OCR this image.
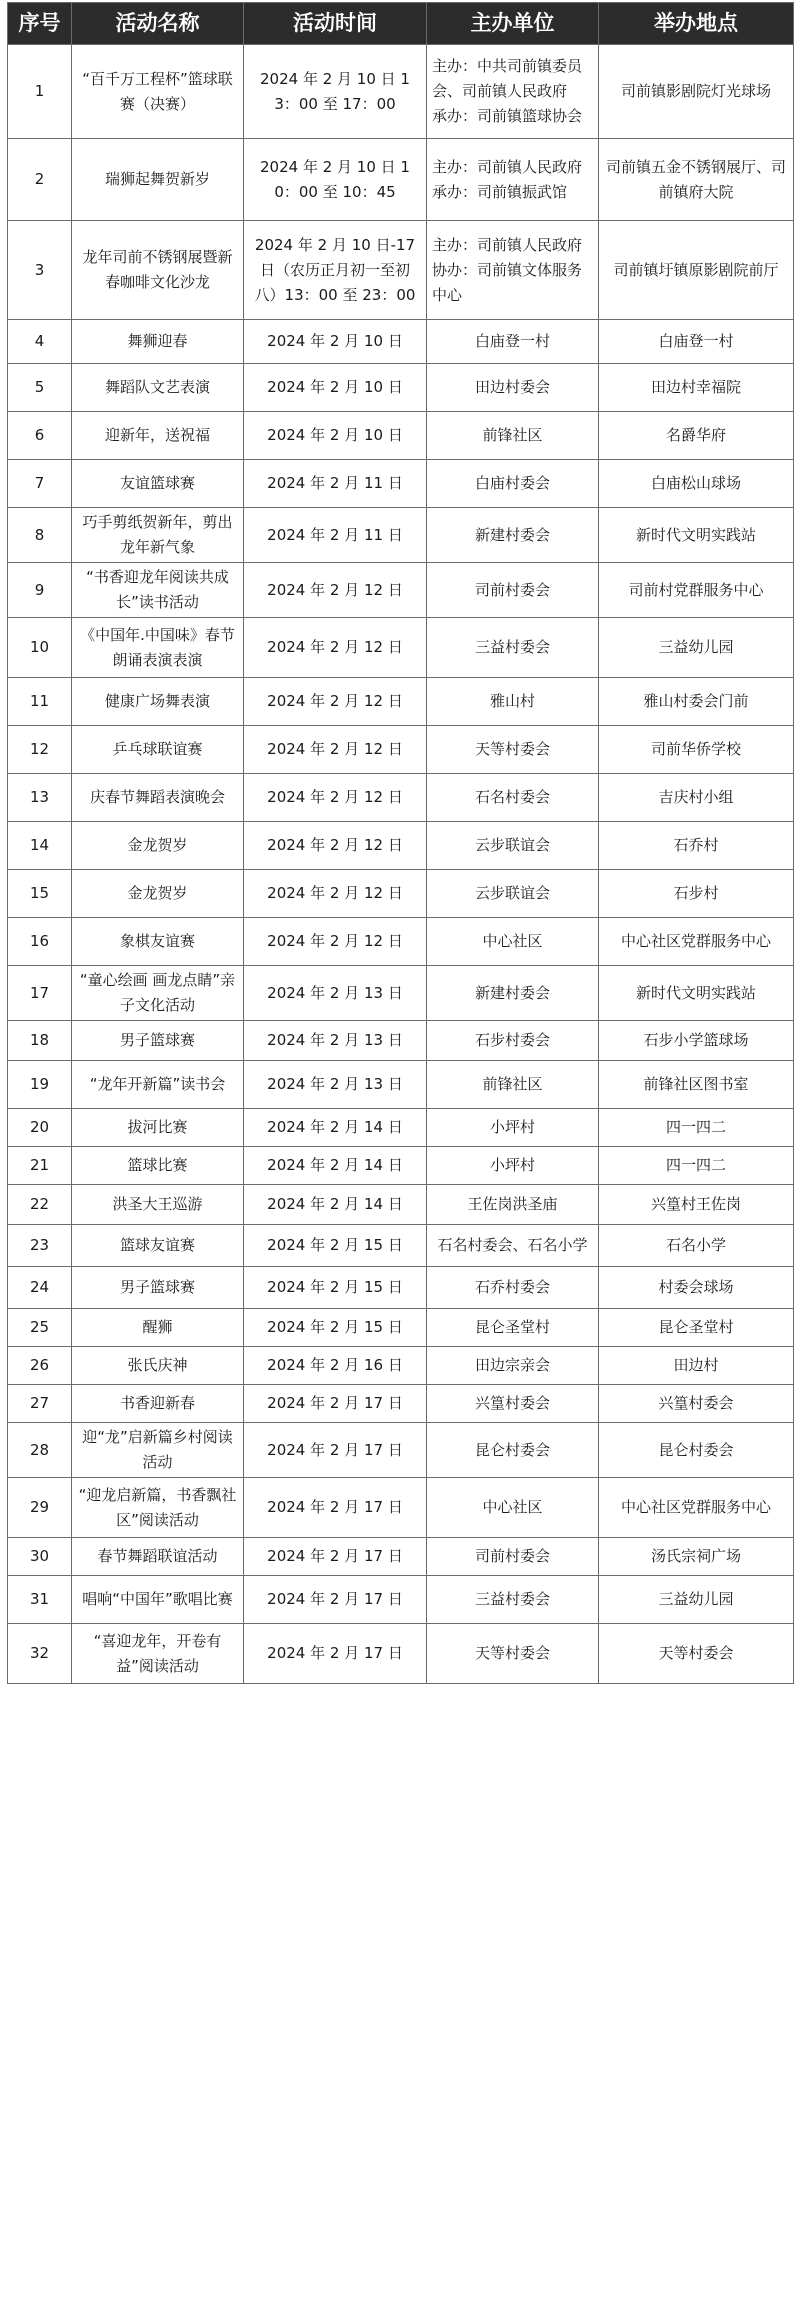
序号	活动名称	活动时间	主办单位	举办地点
1	“百千万工程杯”篮球联赛（决赛）	2024 年 2 月 10 日 13：00 至 17：00	主办：中共司前镇委员会、司前镇人民政府
承办：司前镇篮球协会	司前镇影剧院灯光球场
2	瑞狮起舞贺新岁	2024 年 2 月 10 日 10：00 至 10：45	主办：司前镇人民政府
承办：司前镇振武馆	司前镇五金不锈钢展厅、司前镇府大院
3	龙年司前不锈钢展暨新春咖啡文化沙龙	2024 年 2 月 10 日-17 日（农历正月初一至初八）13：00 至 23：00	主办：司前镇人民政府
协办：司前镇文体服务中心	司前镇圩镇原影剧院前厅
4	舞狮迎春	2024 年 2 月 10 日	白庙登一村	白庙登一村
5	舞蹈队文艺表演	2024 年 2 月 10 日	田边村委会	田边村幸福院
6	迎新年，送祝福	2024 年 2 月 10 日	前锋社区	名爵华府
7	友谊篮球赛	2024 年 2 月 11 日	白庙村委会	白庙松山球场
8	巧手剪纸贺新年，剪出龙年新气象	2024 年 2 月 11 日	新建村委会	新时代文明实践站
9	“书香迎龙年阅读共成长”读书活动	2024 年 2 月 12 日	司前村委会	司前村党群服务中心
10	《中国年.中国味》春节朗诵表演表演	2024 年 2 月 12 日	三益村委会	三益幼儿园
11	健康广场舞表演	2024 年 2 月 12 日	雅山村	雅山村委会门前
12	乒乓球联谊赛	2024 年 2 月 12 日	天等村委会	司前华侨学校
13	庆春节舞蹈表演晚会	2024 年 2 月 12 日	石名村委会	吉庆村小组
14	金龙贺岁	2024 年 2 月 12 日	云步联谊会	石乔村
15	金龙贺岁	2024 年 2 月 12 日	云步联谊会	石步村
16	象棋友谊赛	2024 年 2 月 12 日	中心社区	中心社区党群服务中心
17	“童心绘画 画龙点睛”亲子文化活动	2024 年 2 月 13 日	新建村委会	新时代文明实践站
18	男子篮球赛	2024 年 2 月 13 日	石步村委会	石步小学篮球场
19	“龙年开新篇”读书会	2024 年 2 月 13 日	前锋社区	前锋社区图书室
20	拔河比赛	2024 年 2 月 14 日	小坪村	四一四二
21	篮球比赛	2024 年 2 月 14 日	小坪村	四一四二
22	洪圣大王巡游	2024 年 2 月 14 日	王佐岗洪圣庙	兴篁村王佐岗
23	篮球友谊赛	2024 年 2 月 15 日	石名村委会、石名小学	石名小学
24	男子篮球赛	2024 年 2 月 15 日	石乔村委会	村委会球场
25	醒狮	2024 年 2 月 15 日	昆仑圣堂村	昆仑圣堂村
26	张氏庆神	2024 年 2 月 16 日	田边宗亲会	田边村
27	书香迎新春	2024 年 2 月 17 日	兴篁村委会	兴篁村委会
28	迎“龙”启新篇乡村阅读活动	2024 年 2 月 17 日	昆仑村委会	昆仑村委会
29	“迎龙启新篇，书香飘社区”阅读活动	2024 年 2 月 17 日	中心社区	中心社区党群服务中心
30	春节舞蹈联谊活动	2024 年 2 月 17 日	司前村委会	汤氏宗祠广场
31	唱响“中国年”歌唱比赛	2024 年 2 月 17 日	三益村委会	三益幼儿园
32	“喜迎龙年，开卷有益”阅读活动	2024 年 2 月 17 日	天等村委会	天等村委会
